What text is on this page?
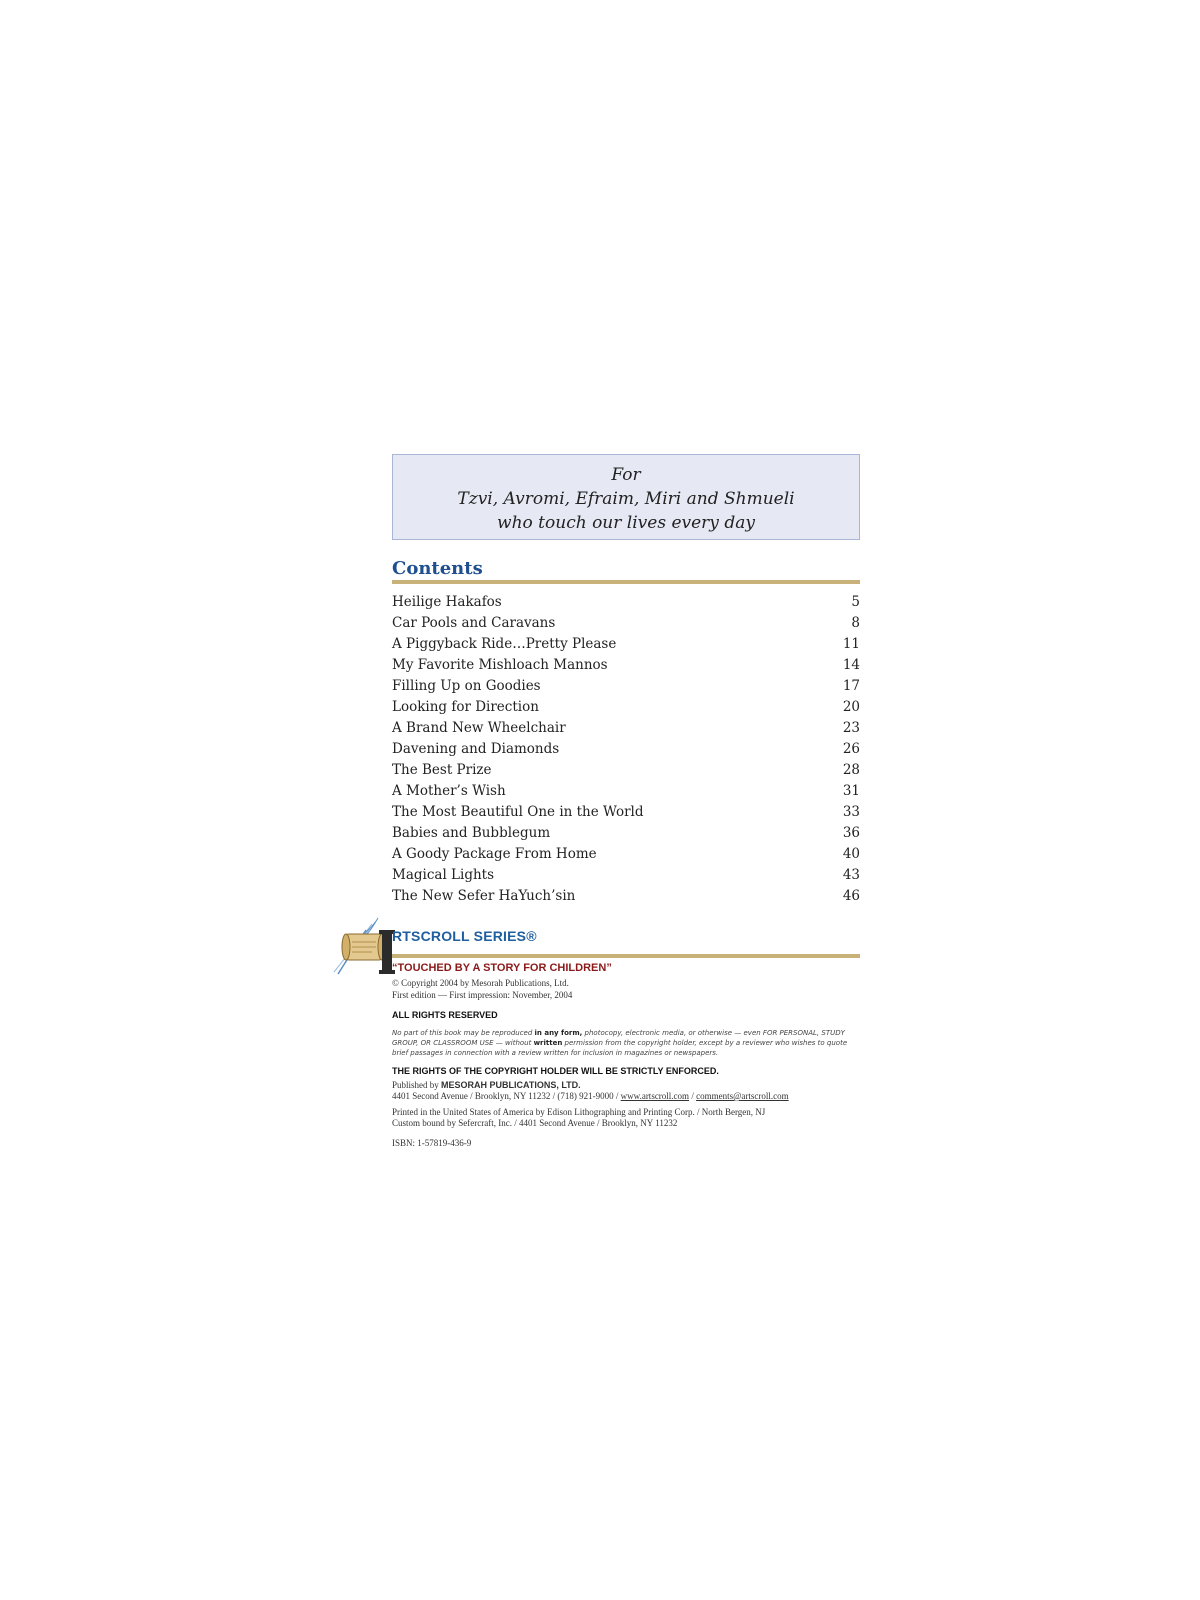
For
Tzvi, Avromi, Efraim, Miri and Shmueli
who touch our lives every day
Contents
Heilige Hakafos	5
Car Pools and Caravans	8
A Piggyback Ride…Pretty Please	11
My Favorite Mishloach Mannos	14
Filling Up on Goodies	17
Looking for Direction	20
A Brand New Wheelchair	23
Davening and Diamonds	26
The Best Prize	28
A Mother’s Wish	31
The Most Beautiful One in the World	33
Babies and Bubblegum	36
A Goody Package From Home	40
Magical Lights	43
The New Sefer HaYuch’sin	46
RTSCROLL SERIES®
“TOUCHED BY A STORY FOR CHILDREN”
© Copyright 2004 by Mesorah Publications, Ltd.
First edition — First impression: November, 2004
ALL RIGHTS RESERVED
No part of this book may be reproduced in any form, photocopy, electronic media, or otherwise — even FOR PERSONAL, STUDY GROUP, OR CLASSROOM USE — without written permission from the copyright holder, except by a reviewer who wishes to quote brief passages in connection with a review written for inclusion in magazines or newspapers.
THE RIGHTS OF THE COPYRIGHT HOLDER WILL BE STRICTLY ENFORCED.
Published by MESORAH PUBLICATIONS, LTD.
4401 Second Avenue / Brooklyn, NY 11232 / (718) 921-9000 / www.artscroll.com / comments@artscroll.com
Printed in the United States of America by Edison Lithographing and Printing Corp. / North Bergen, NJ
Custom bound by Sefercraft, Inc. / 4401 Second Avenue / Brooklyn, NY 11232
ISBN: 1-57819-436-9
